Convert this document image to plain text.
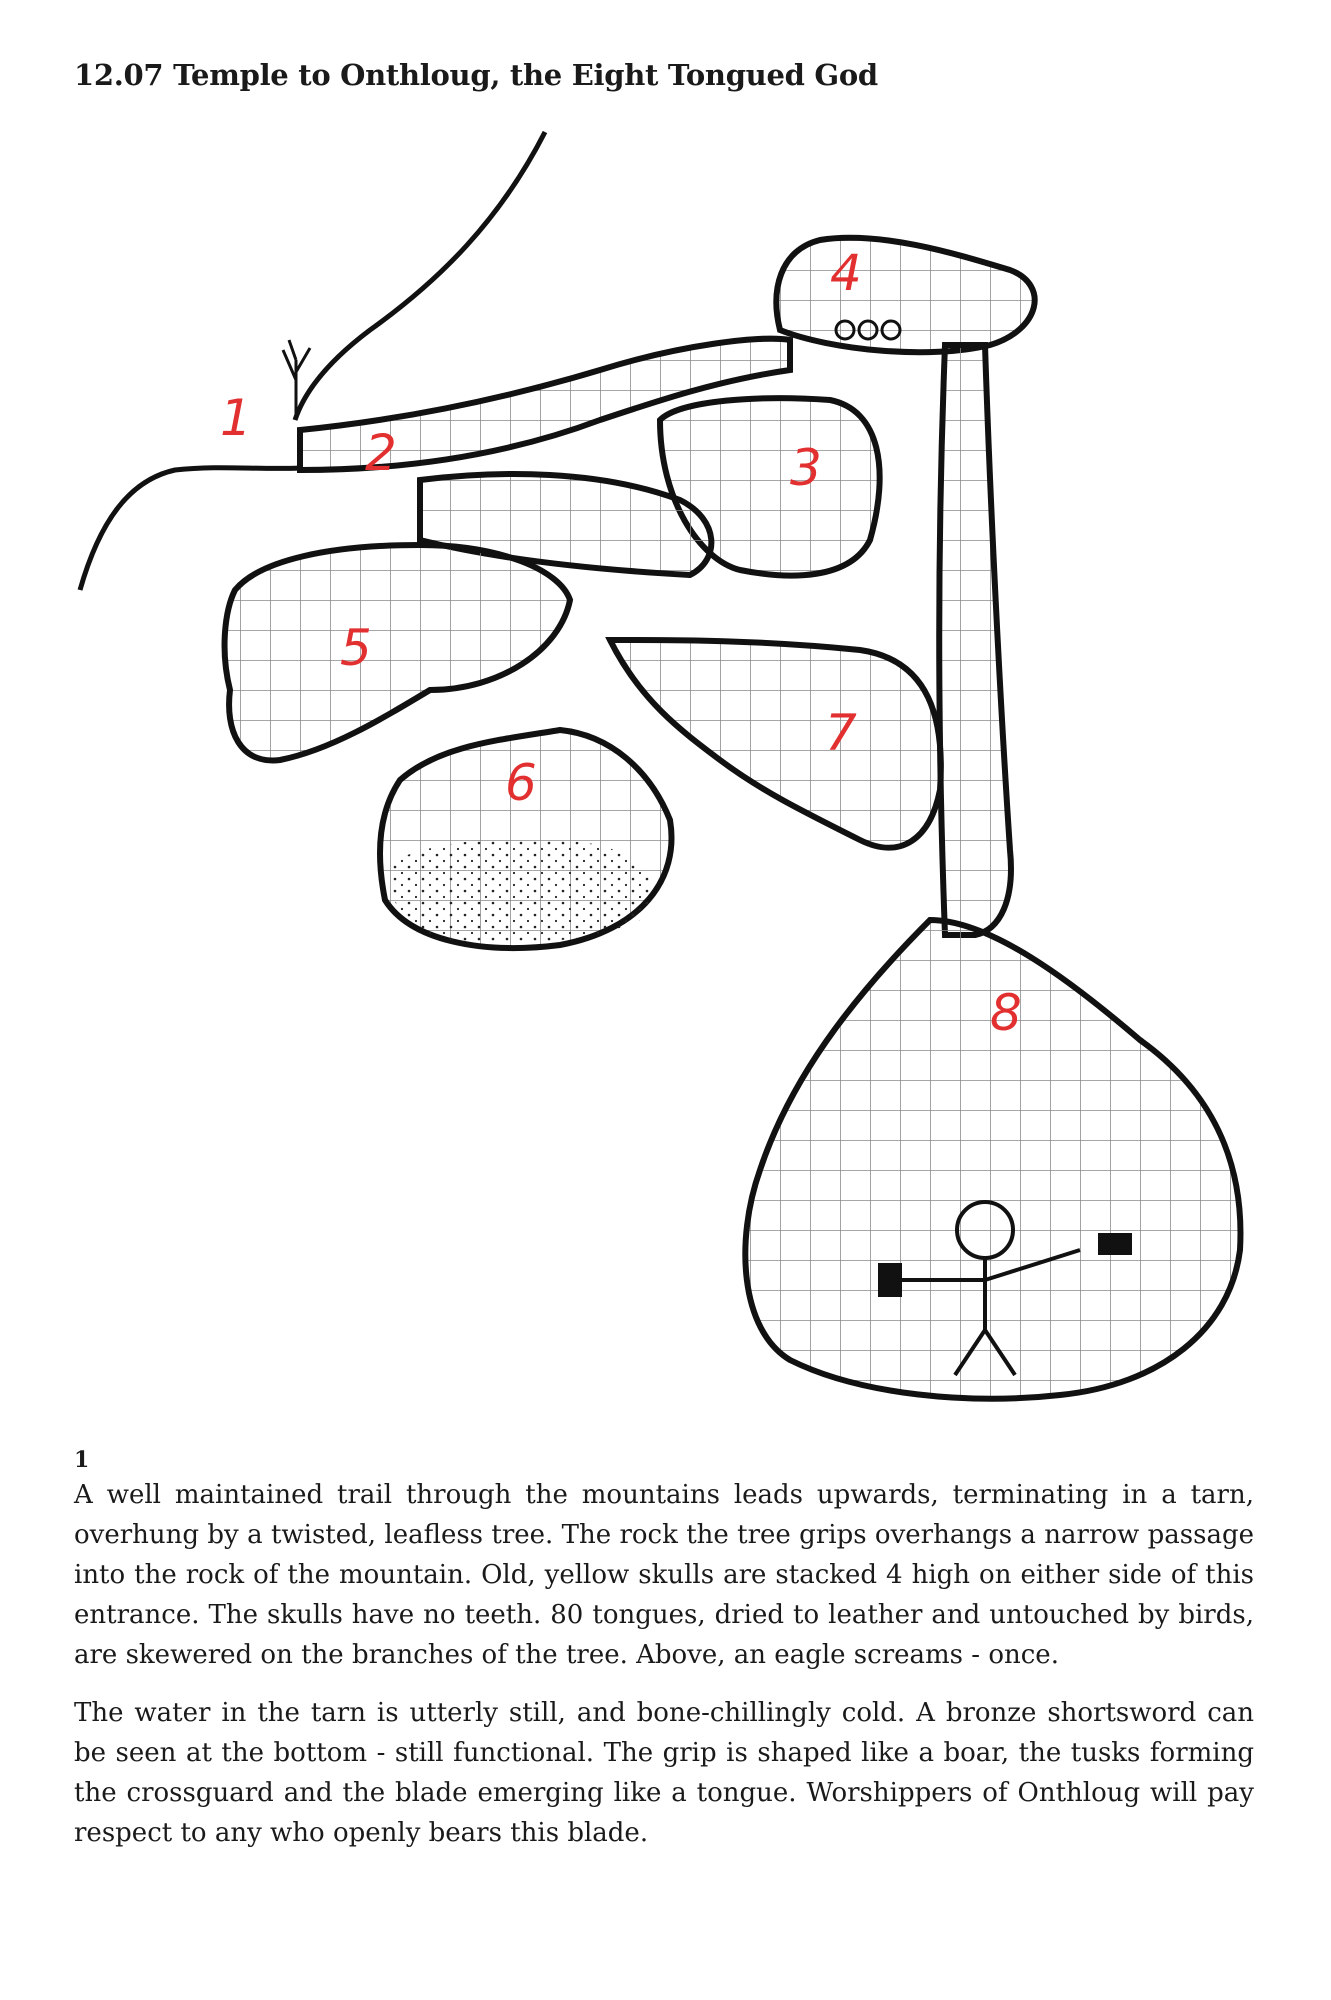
12.07 Temple to Onthloug, the Eight Tongued God
1
2	3
4
5
6
7
8
1

A well maintained trail through the mountains leads upwards, terminating in a tarn, overhung by a twisted, leafless tree. The rock the tree grips overhangs a narrow passage into the rock of the mountain. Old, yellow skulls are stacked 4 high on either side of this entrance. The skulls have no teeth. 80 tongues, dried to leather and untouched by birds, are skewered on the branches of the tree. Above, an eagle screams - once.

The water in the tarn is utterly still, and bone-chillingly cold. A bronze shortsword can be seen at the bottom - still functional. The grip is shaped like a boar, the tusks forming the crossguard and the blade emerging like a tongue. Worshippers of Onthloug will pay respect to any who openly bears this blade.
